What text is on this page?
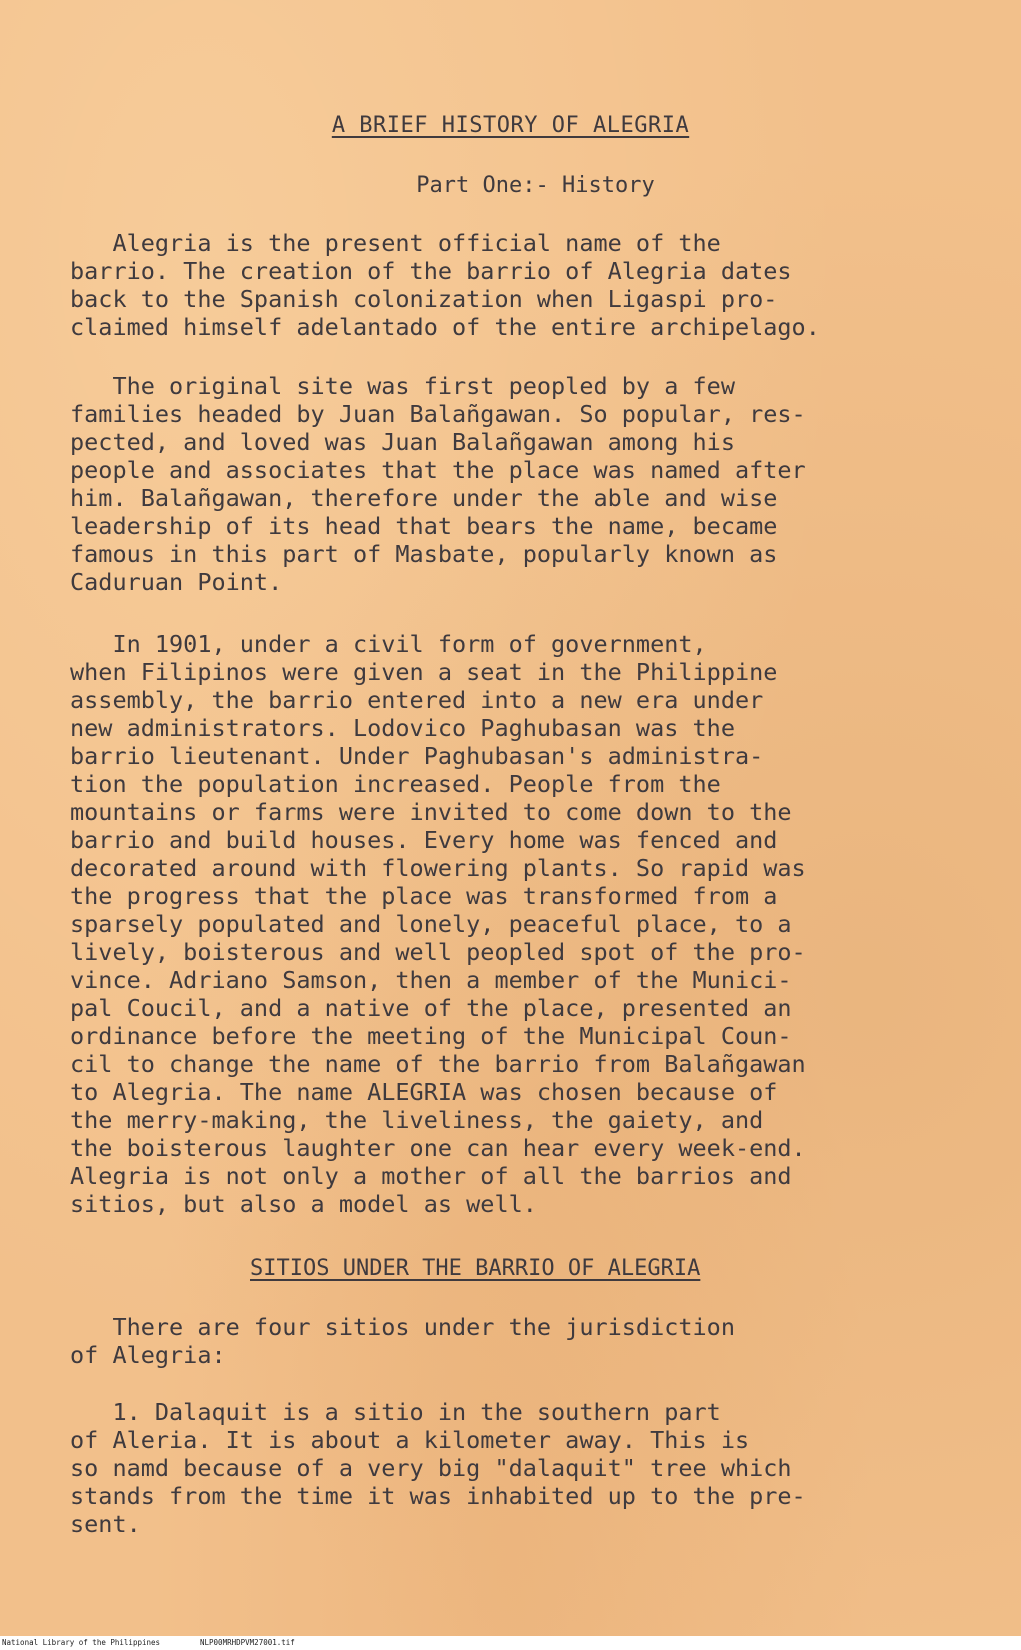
A BRIEF HISTORY OF ALEGRIA
Part One:- History

Alegria is the present official name of the
barrio. The creation of the barrio of Alegria dates
back to the Spanish colonization when Ligaspi pro-
claimed himself adelantado of the entire archipelago.

The original site was first peopled by a few
families headed by Juan Balañgawan. So popular, res-
pected, and loved was Juan Balañgawan among his
people and associates that the place was named after
him. Balañgawan, therefore under the able and wise
leadership of its head that bears the name, became
famous in this part of Masbate, popularly known as
Caduruan Point.

In 1901, under a civil form of government,
when Filipinos were given a seat in the Philippine
assembly, the barrio entered into a new era under
new administrators. Lodovico Paghubasan was the
barrio lieutenant. Under Paghubasan's administra-
tion the population increased. People from the
mountains or farms were invited to come down to the
barrio and build houses. Every home was fenced and
decorated around with flowering plants. So rapid was
the progress that the place was transformed from a
sparsely populated and lonely, peaceful place, to a
lively, boisterous and well peopled spot of the pro-
vince. Adriano Samson, then a member of the Munici-
pal Coucil, and a native of the place, presented an
ordinance before the meeting of the Municipal Coun-
cil to change the name of the barrio from Balañgawan
to Alegria. The name ALEGRIA was chosen because of
the merry-making, the liveliness, the gaiety, and
the boisterous laughter one can hear every week-end.
Alegria is not only a mother of all the barrios and
sitios, but also a model as well.

SITIOS UNDER THE BARRIO OF ALEGRIA

There are four sitios under the jurisdiction
of Alegria:

1. Dalaquit is a sitio in the southern part
of Aleria. It is about a kilometer away. This is
so namd because of a very big "dalaquit" tree which
stands from the time it was inhabited up to the pre-
sent.

National Library of the Philippines	NLP00MRHDPVM27001.tif
